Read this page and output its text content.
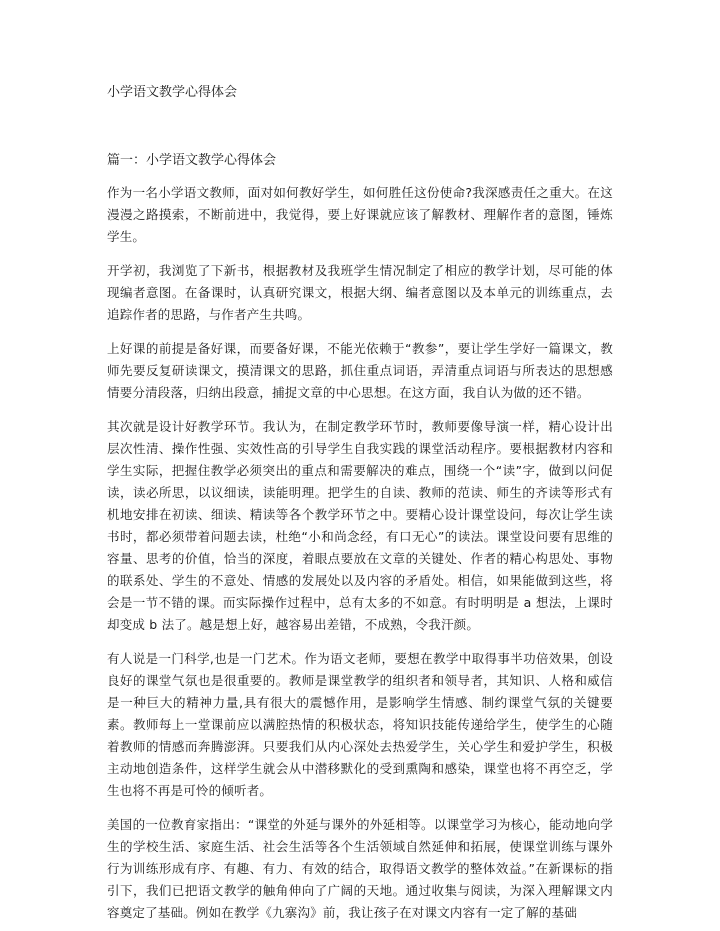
小学语文教学心得体会
篇一：小学语文教学心得体会

作为一名小学语文教师，面对如何教好学生，如何胜任这份使命?我深感责任之重大。在这漫漫之路摸索，不断前进中，我觉得，要上好课就应该了解教材、理解作者的意图，锤炼学生。

开学初，我浏览了下新书，根据教材及我班学生情况制定了相应的教学计划，尽可能的体现编者意图。在备课时，认真研究课文，根据大纲、编者意图以及本单元的训练重点，去追踪作者的思路，与作者产生共鸣。

上好课的前提是备好课，而要备好课，不能光依赖于“教参”，要让学生学好一篇课文，教师先要反复研读课文，摸清课文的思路，抓住重点词语，弄清重点词语与所表达的思想感情要分清段落，归纳出段意，捕捉文章的中心思想。在这方面，我自认为做的还不错。

其次就是设计好教学环节。我认为，在制定教学环节时，教师要像导演一样，精心设计出层次性清、操作性强、实效性高的引导学生自我实践的课堂活动程序。要根据教材内容和学生实际，把握住教学必须突出的重点和需要解决的难点，围绕一个“读”字，做到以问促读，读必所思，以议细读，读能明理。把学生的自读、教师的范读、师生的齐读等形式有机地安排在初读、细读、精读等各个教学环节之中。要精心设计课堂设问，每次让学生读书时，都必须带着问题去读，杜绝“小和尚念经，有口无心”的读法。课堂设问要有思维的容量、思考的价值，恰当的深度，着眼点要放在文章的关键处、作者的精心构思处、事物的联系处、学生的不意处、情感的发展处以及内容的矛盾处。相信，如果能做到这些，将会是一节不错的课。而实际操作过程中，总有太多的不如意。有时明明是 a 想法，上课时却变成 b 法了。越是想上好，越容易出差错，不成熟，令我汗颜。

有人说是一门科学,也是一门艺术。作为语文老师，要想在教学中取得事半功倍效果，创设良好的课堂气氛也是很重要的。教师是课堂教学的组织者和领导者，其知识、人格和威信是一种巨大的精神力量,具有很大的震憾作用，是影响学生情感、制约课堂气氛的关键要素。教师每上一堂课前应以满腔热情的积极状态，将知识技能传递给学生，使学生的心随着教师的情感而奔腾澎湃。只要我们从内心深处去热爱学生，关心学生和爱护学生，积极主动地创造条件，这样学生就会从中潜移默化的受到熏陶和感染，课堂也将不再空乏，学生也将不再是可怜的倾听者。

美国的一位教育家指出：“课堂的外延与课外的外延相等。以课堂学习为核心，能动地向学生的学校生活、家庭生活、社会生活等各个生活领域自然延伸和拓展，使课堂训练与课外行为训练形成有序、有趣、有力、有效的结合，取得语文教学的整体效益。”在新课标的指引下，我们已把语文教学的触角伸向了广阔的天地。通过收集与阅读，为深入理解课文内容奠定了基础。例如在教学《九寨沟》前，我让孩子在对课文内容有一定了解的基础
